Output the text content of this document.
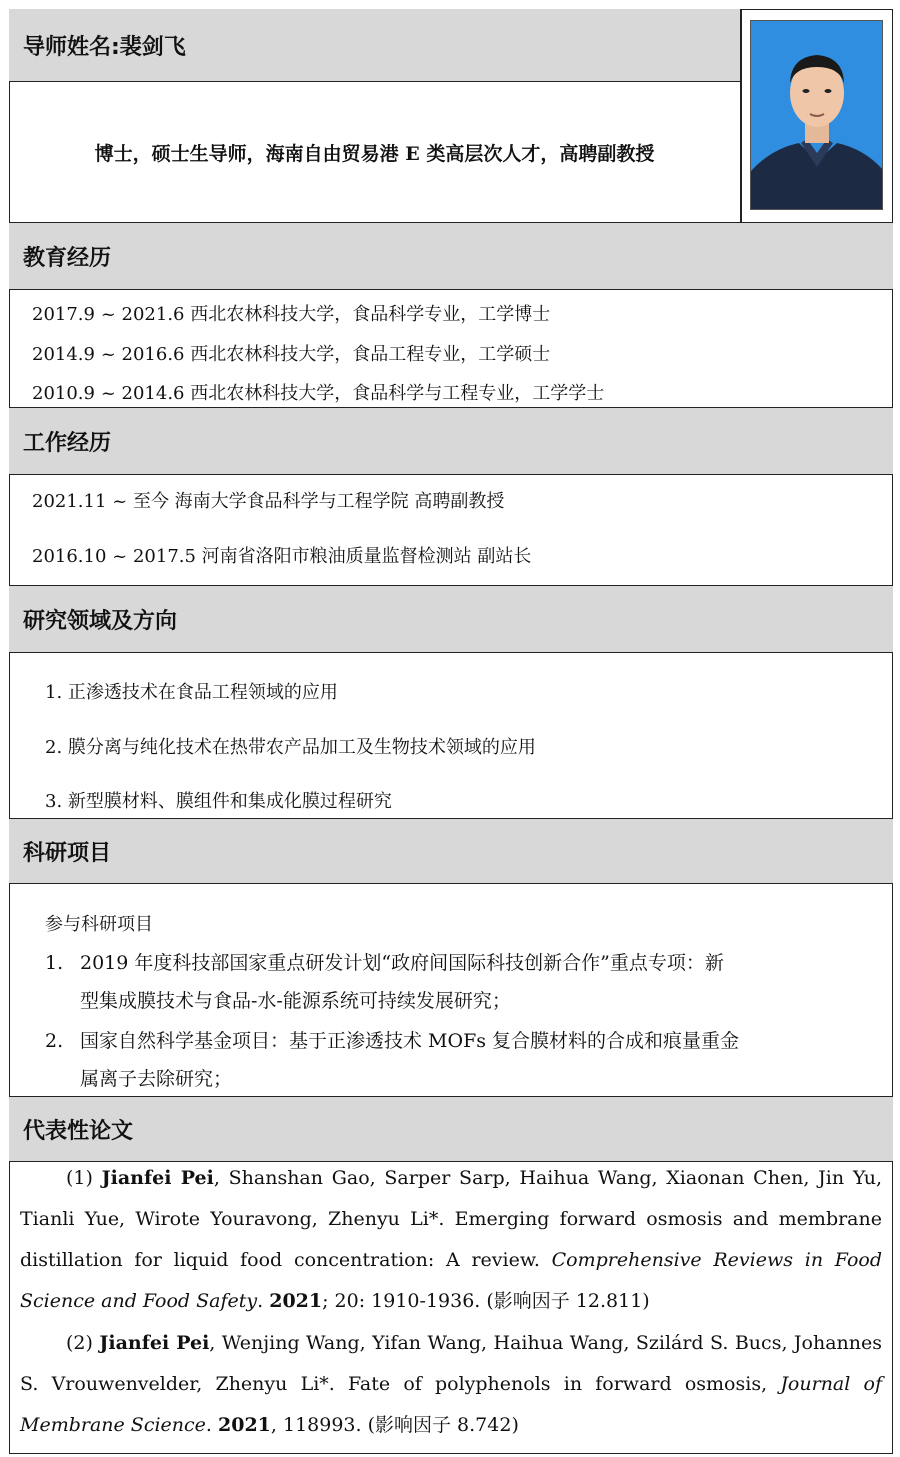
导师姓名:裴剑飞
博士，硕士生导师，海南自由贸易港 E 类高层次人才，高聘副教授
教育经历
2017.9 ~ 2021.6 西北农林科技大学，食品科学专业，工学博士
2014.9 ~ 2016.6 西北农林科技大学，食品工程专业，工学硕士
2010.9 ~ 2014.6 西北农林科技大学，食品科学与工程专业，工学学士
工作经历
2021.11 ~ 至今 海南大学食品科学与工程学院 高聘副教授
2016.10 ~ 2017.5 河南省洛阳市粮油质量监督检测站 副站长
研究领域及方向
1. 正渗透技术在食品工程领域的应用
2. 膜分离与纯化技术在热带农产品加工及生物技术领域的应用
3. 新型膜材料、膜组件和集成化膜过程研究
科研项目
参与科研项目
1. 2019 年度科技部国家重点研发计划“政府间国际科技创新合作”重点专项：新
型集成膜技术与食品-水-能源系统可持续发展研究；
2. 国家自然科学基金项目：基于正渗透技术 MOFs 复合膜材料的合成和痕量重金
属离子去除研究；
代表性论文
(1) Jianfei Pei, Shanshan Gao, Sarper Sarp, Haihua Wang, Xiaonan Chen, Jin Yu, Tianli Yue, Wirote Youravong, Zhenyu Li*. Emerging forward osmosis and membrane distillation for liquid food concentration: A review. Comprehensive Reviews in Food Science and Food Safety. 2021; 20: 1910-1936. (影响因子 12.811)
(2) Jianfei Pei, Wenjing Wang, Yifan Wang, Haihua Wang, Szilárd S. Bucs, Johannes S. Vrouwenvelder, Zhenyu Li*. Fate of polyphenols in forward osmosis, Journal of Membrane Science. 2021, 118993. (影响因子 8.742)
